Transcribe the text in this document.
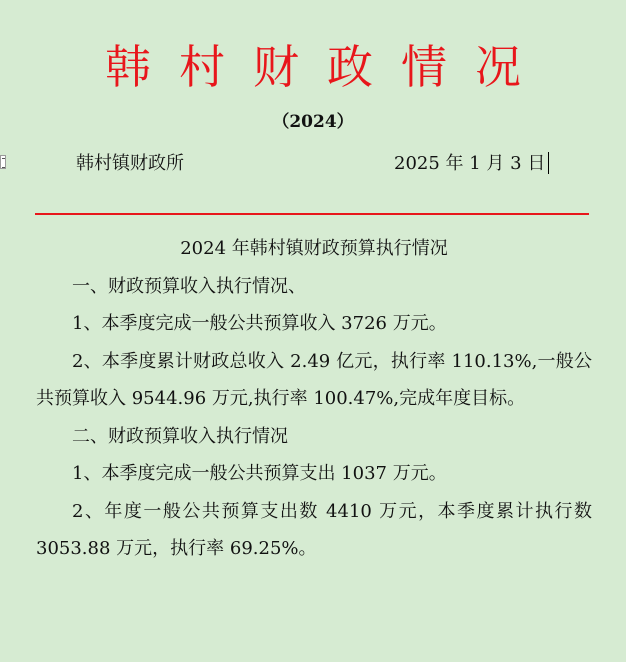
韩村财政情况
（2024）
韩村镇财政所	2025 年 1 月 3 日

2024 年韩村镇财政预算执行情况

一、财政预算收入执行情况、

1、本季度完成一般公共预算收入 3726 万元。

2、本季度累计财政总收入 2.49 亿元，执行率 110.13%,一般公共预算收入 9544.96 万元,执行率 100.47%,完成年度目标。

二、财政预算收入执行情况

1、本季度完成一般公共预算支出 1037 万元。

2、年度一般公共预算支出数 4410 万元，本季度累计执行数 3053.88 万元，执行率 69.25%。
